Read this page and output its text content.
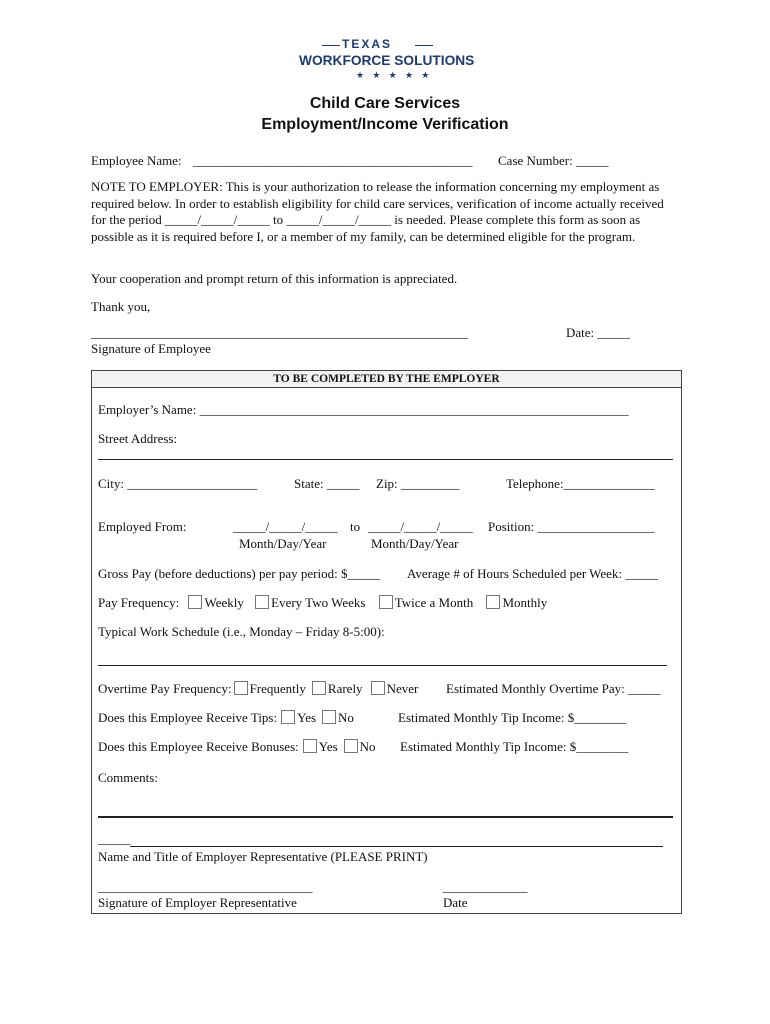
TEXAS
WORKFORCE SOLUTIONS
★ ★ ★ ★ ★
Child Care Services
Employment/Income Verification
Employee Name: ___________________________________________ Case Number: _____
NOTE TO EMPLOYER: This is your authorization to release the information concerning my employment as required below. In order to establish eligibility for child care services, verification of income actually received for the period _____/_____/_____ to _____/_____/_____ is needed. Please complete this form as soon as possible as it is required before I, or a member of my family, can be determined eligible for the program.
Your cooperation and prompt return of this information is appreciated.
Thank you,
__________________________________________________________	Date: _____
Signature of Employee
TO BE COMPLETED BY THE EMPLOYER
Employer’s Name: __________________________________________________________________
Street Address:
City: ____________________	State: _____ Zip: _________	Telephone:______________
Employed From:	_____/_____/_____ to _____/_____/_____ Position: __________________
Month/Day/Year	Month/Day/Year
Gross Pay (before deductions) per pay period: $_____ Average # of Hours Scheduled per Week: _____
Pay Frequency: Weekly Every Two Weeks Twice a Month Monthly
Typical Work Schedule (i.e., Monday – Friday 8-5:00):
Overtime Pay Frequency: Frequently Rarely Never Estimated Monthly Overtime Pay: _____
Does this Employee Receive Tips: Yes No	Estimated Monthly Tip Income: $________
Does this Employee Receive Bonuses: Yes No Estimated Monthly Tip Income: $________
Comments:
_____
Name and Title of Employer Representative (PLEASE PRINT)
_________________________________	_____________
Signature of Employer Representative	Date
